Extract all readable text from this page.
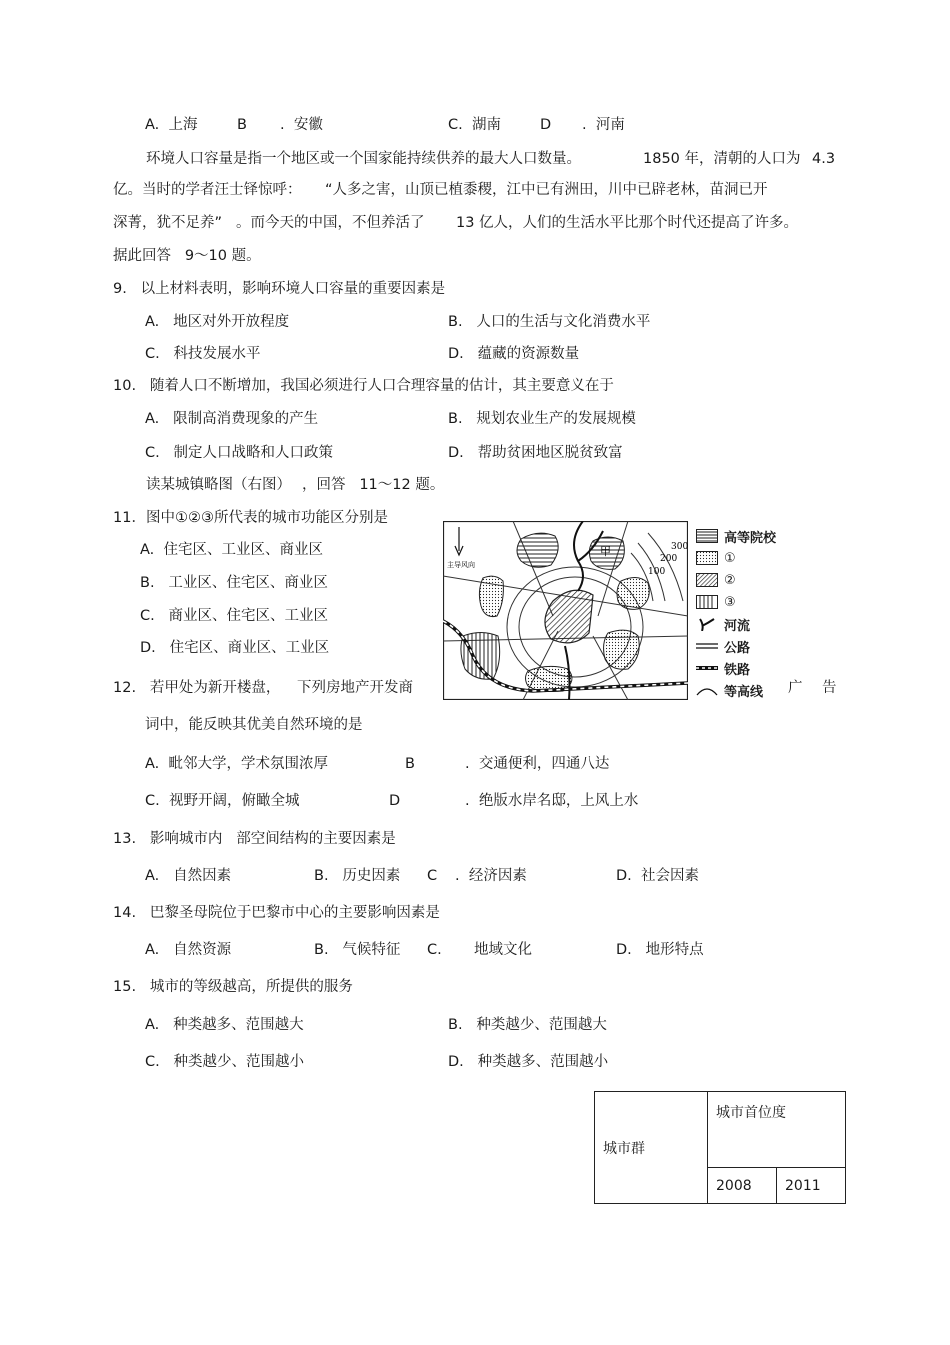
A.  上海	B .  安徽	C.  湖南	D .  河南
环境人口容量是指一个地区或一个国家能持续供养的最大人口数量。	1850 年，清朝的人口为 4.3
亿。当时的学者汪士铎惊呼： “人多之害，山顶已植黍稷，江中已有洲田，川中已辟老林，苗洞已开
深菁，犹不足养” 。而今天的中国，不但养活了 13 亿人，人们的生活水平比那个时代还提高了许多。
据此回答   9～10 题。
9.   以上材料表明，影响环境人口容量的重要因素是
A.   地区对外开放程度	B.   人口的生活与文化消费水平
C.   科技发展水平	D.   蕴藏的资源数量
10.   随着人口不断增加，我国必须进行人口合理容量的估计，其主要意义在于
A.   限制高消费现象的产生	B.   规划农业生产的发展规模
C.   制定人口战略和人口政策	D.   帮助贫困地区脱贫致富
读某城镇略图（右图） ，回答   11～12 题。
11．图中①②③所代表的城市功能区分别是
A.  住宅区、工业区、商业区
B.   工业区、住宅区、商业区
C.   商业区、住宅区、工业区
D.   住宅区、商业区、工业区
12.   若甲处为新开楼盘， 下列房地产开发商	广 告
词中，能反映其优美自然环境的是
A.  毗邻大学，学术氛围浓厚	B	.  交通便利，四通八达
C.  视野开阔，俯瞰全城	D	.  绝版水岸名邸，上风上水
13.   影响城市内   部空间结构的主要因素是
A.   自然因素	B.   历史因素 C .  经济因素	D.  社会因素
14.   巴黎圣母院位于巴黎市中心的主要影响因素是
A.   自然资源	B.   气候特征 C. 地域文化	D.   地形特点
15.   城市的等级越高，所提供的服务
A.   种类越多、范围越大	B.   种类越少、范围越大
C.   种类越少、范围越小	D.   种类越多、范围越小
主导风向
甲	300
200
100
高等院校
①
②
③
河流
公路
铁路
等高线
城市群	城市首位度	
	2008	2011
